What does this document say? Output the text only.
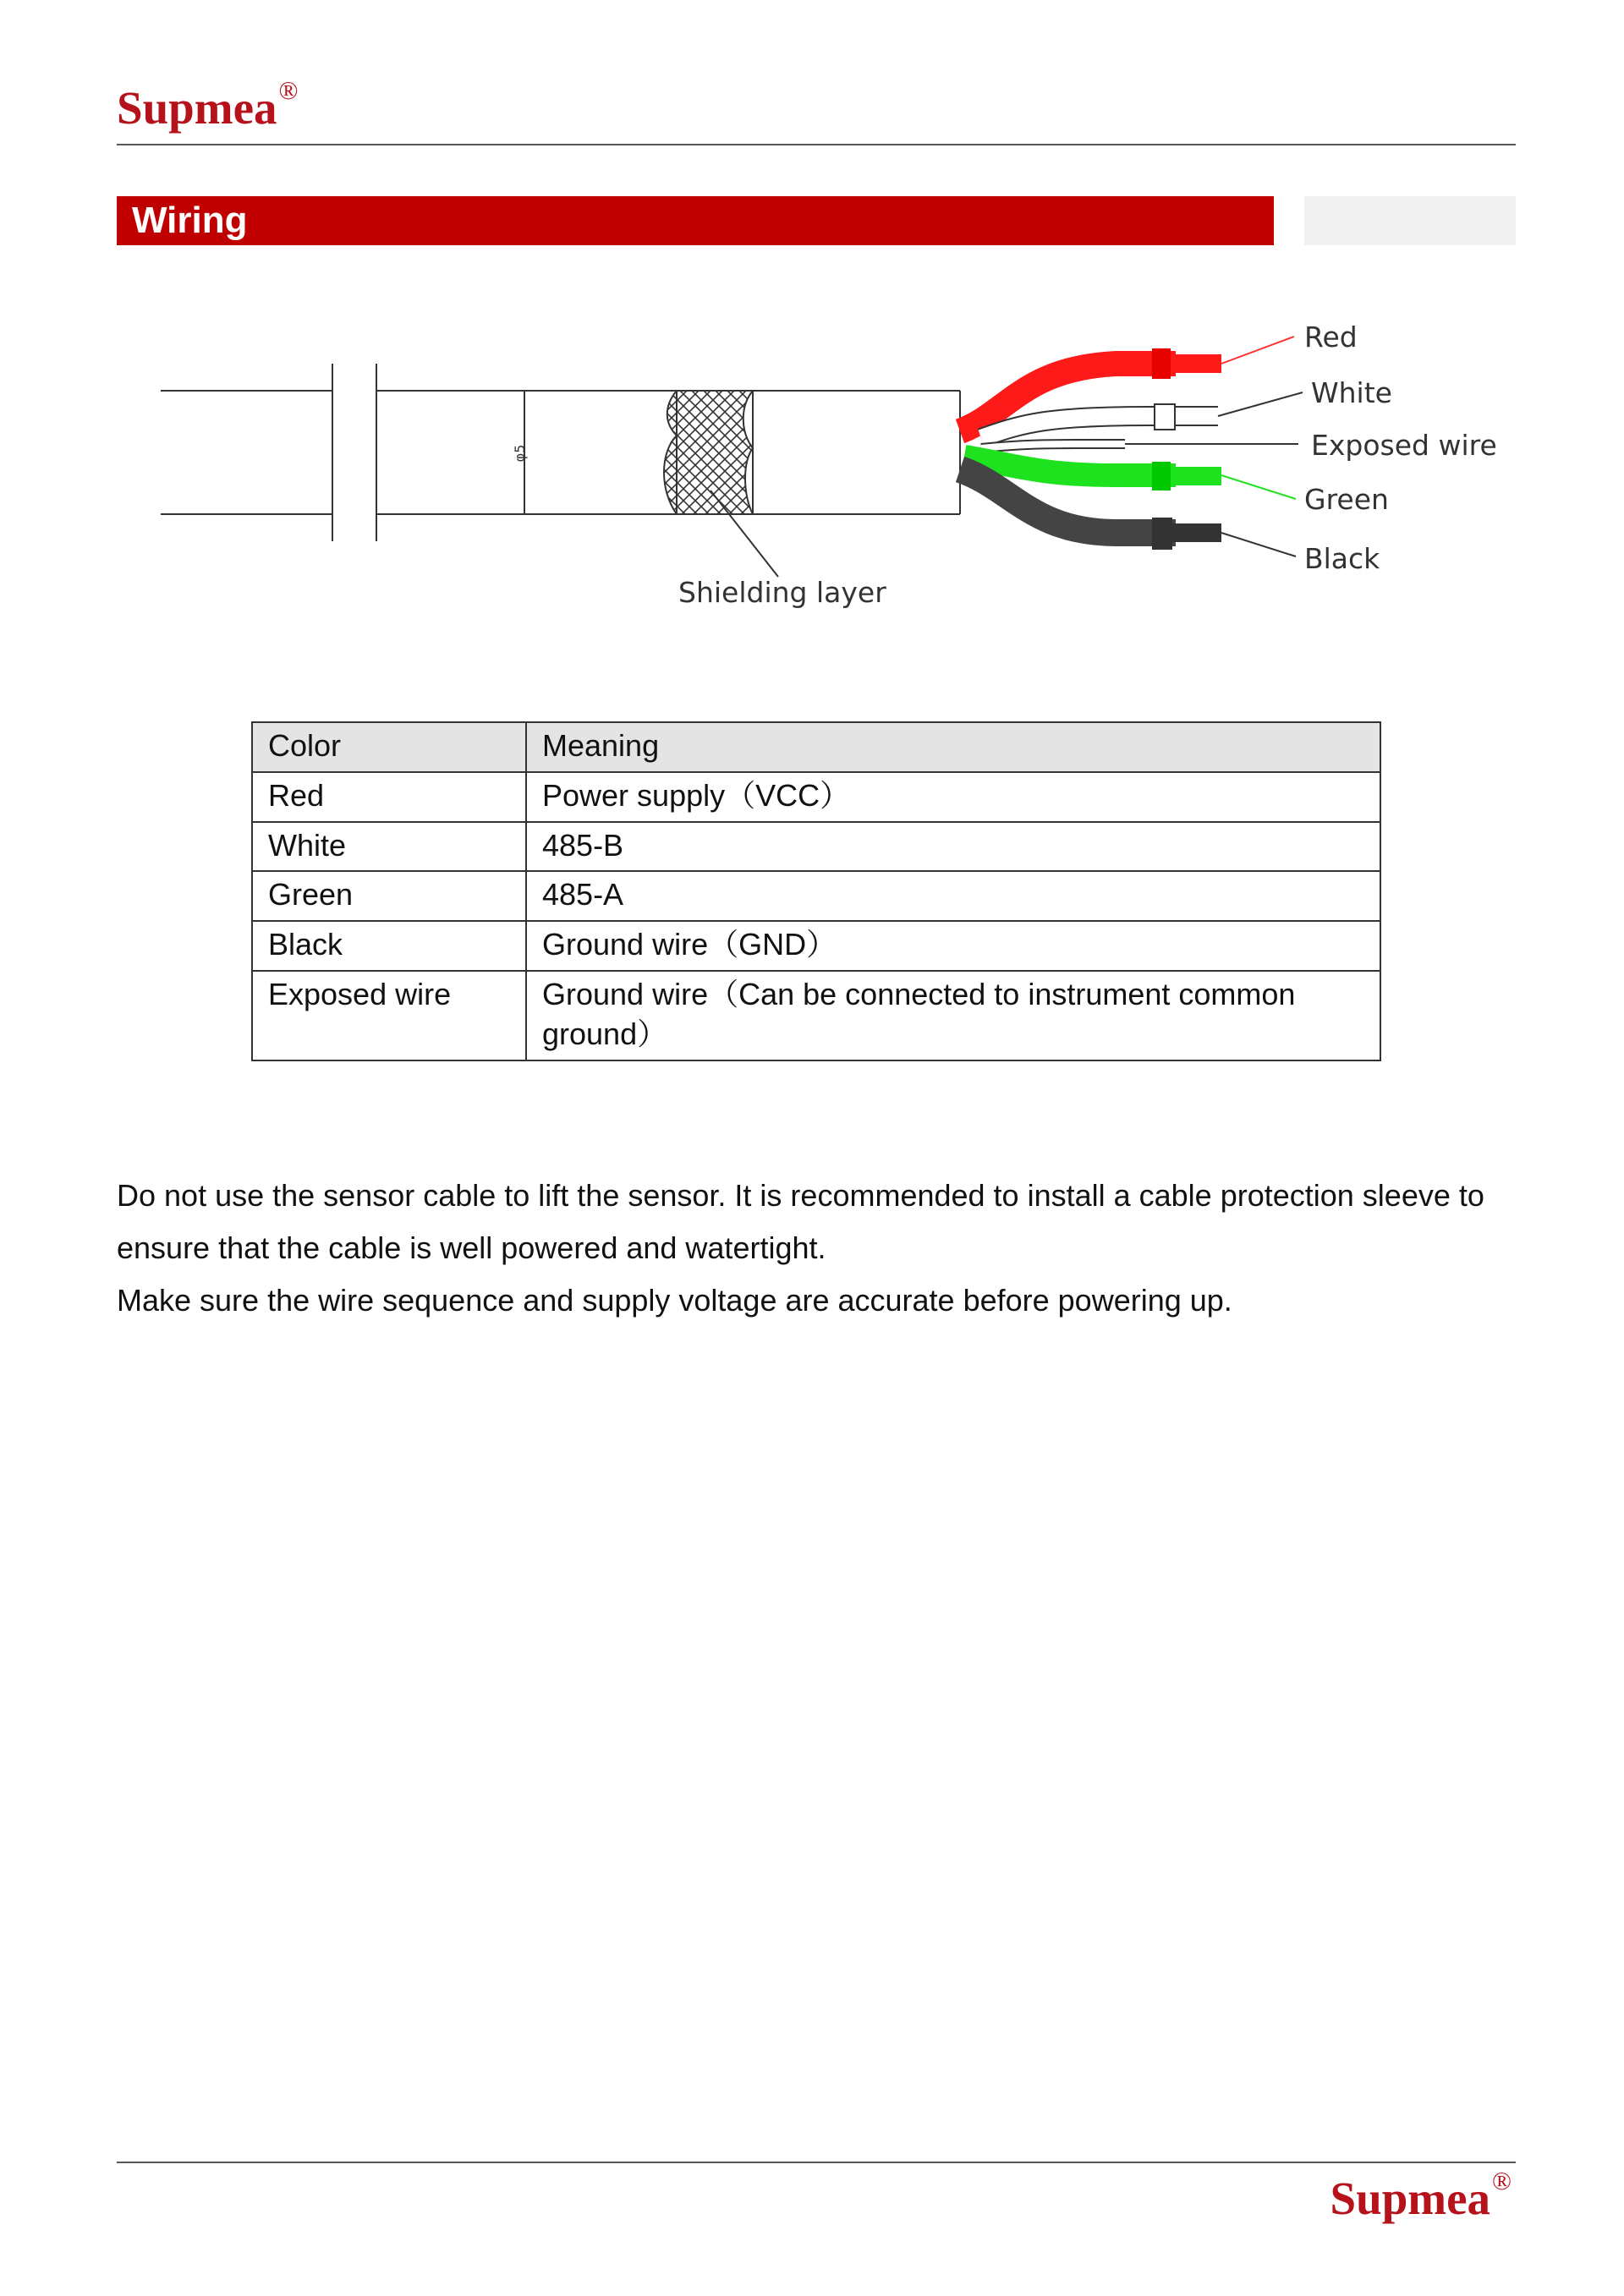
Supmea®
Wiring
φ5
Red
White
Exposed wire
Green
Black
Shielding layer
Color	Meaning
Red	Power supply（VCC）
White	485-B
Green	485-A
Black	Ground wire（GND）
Exposed wire	Ground wire（Can be connected to instrument common ground）

Do not use the sensor cable to lift the sensor. It is recommended to install a cable protection sleeve to ensure that the cable is well powered and watertight.

Make sure the wire sequence and supply voltage are accurate before powering up.

Supmea®
